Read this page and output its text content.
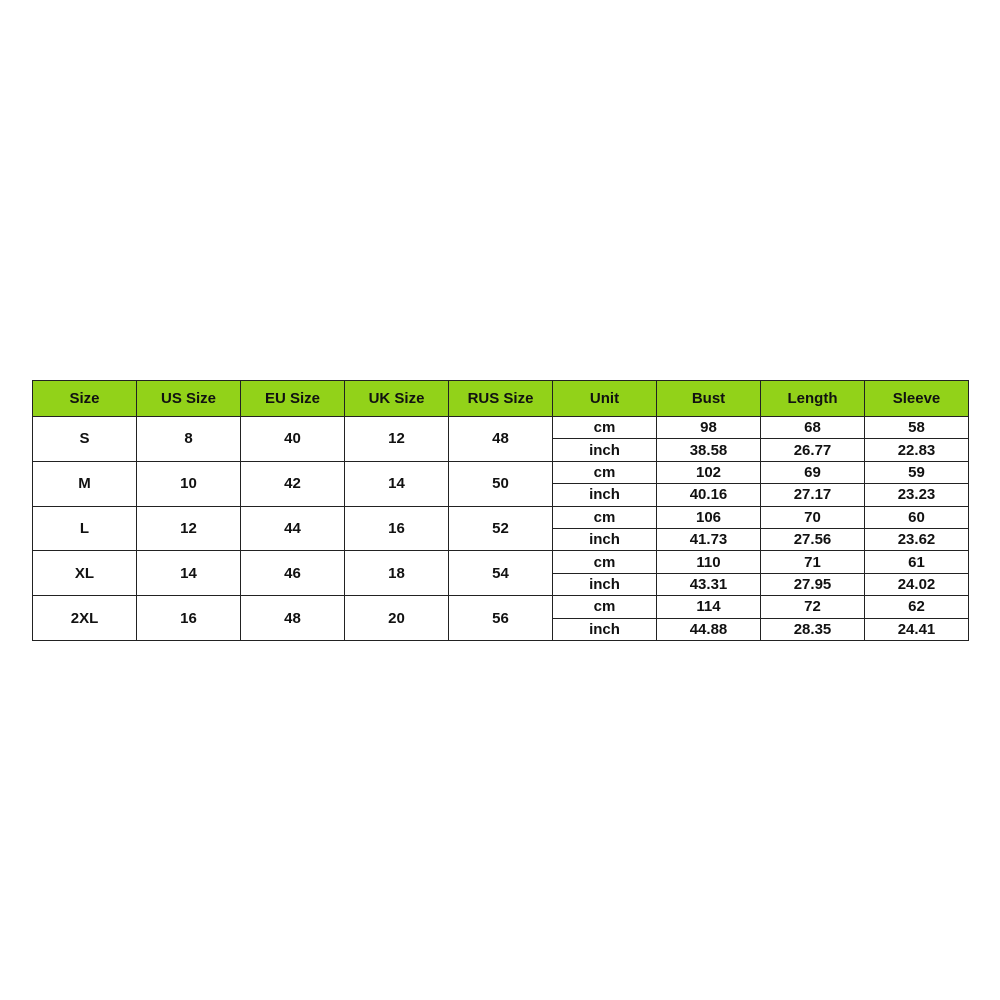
Size	US Size	EU Size	UK Size	RUS Size	Unit	Bust	Length	Sleeve
S	8	40	12	48	cm	98	68	58
					inch	38.58	26.77	22.83
M	10	42	14	50	cm	102	69	59
					inch	40.16	27.17	23.23
L	12	44	16	52	cm	106	70	60
					inch	41.73	27.56	23.62
XL	14	46	18	54	cm	110	71	61
					inch	43.31	27.95	24.02
2XL	16	48	20	56	cm	114	72	62
					inch	44.88	28.35	24.41
